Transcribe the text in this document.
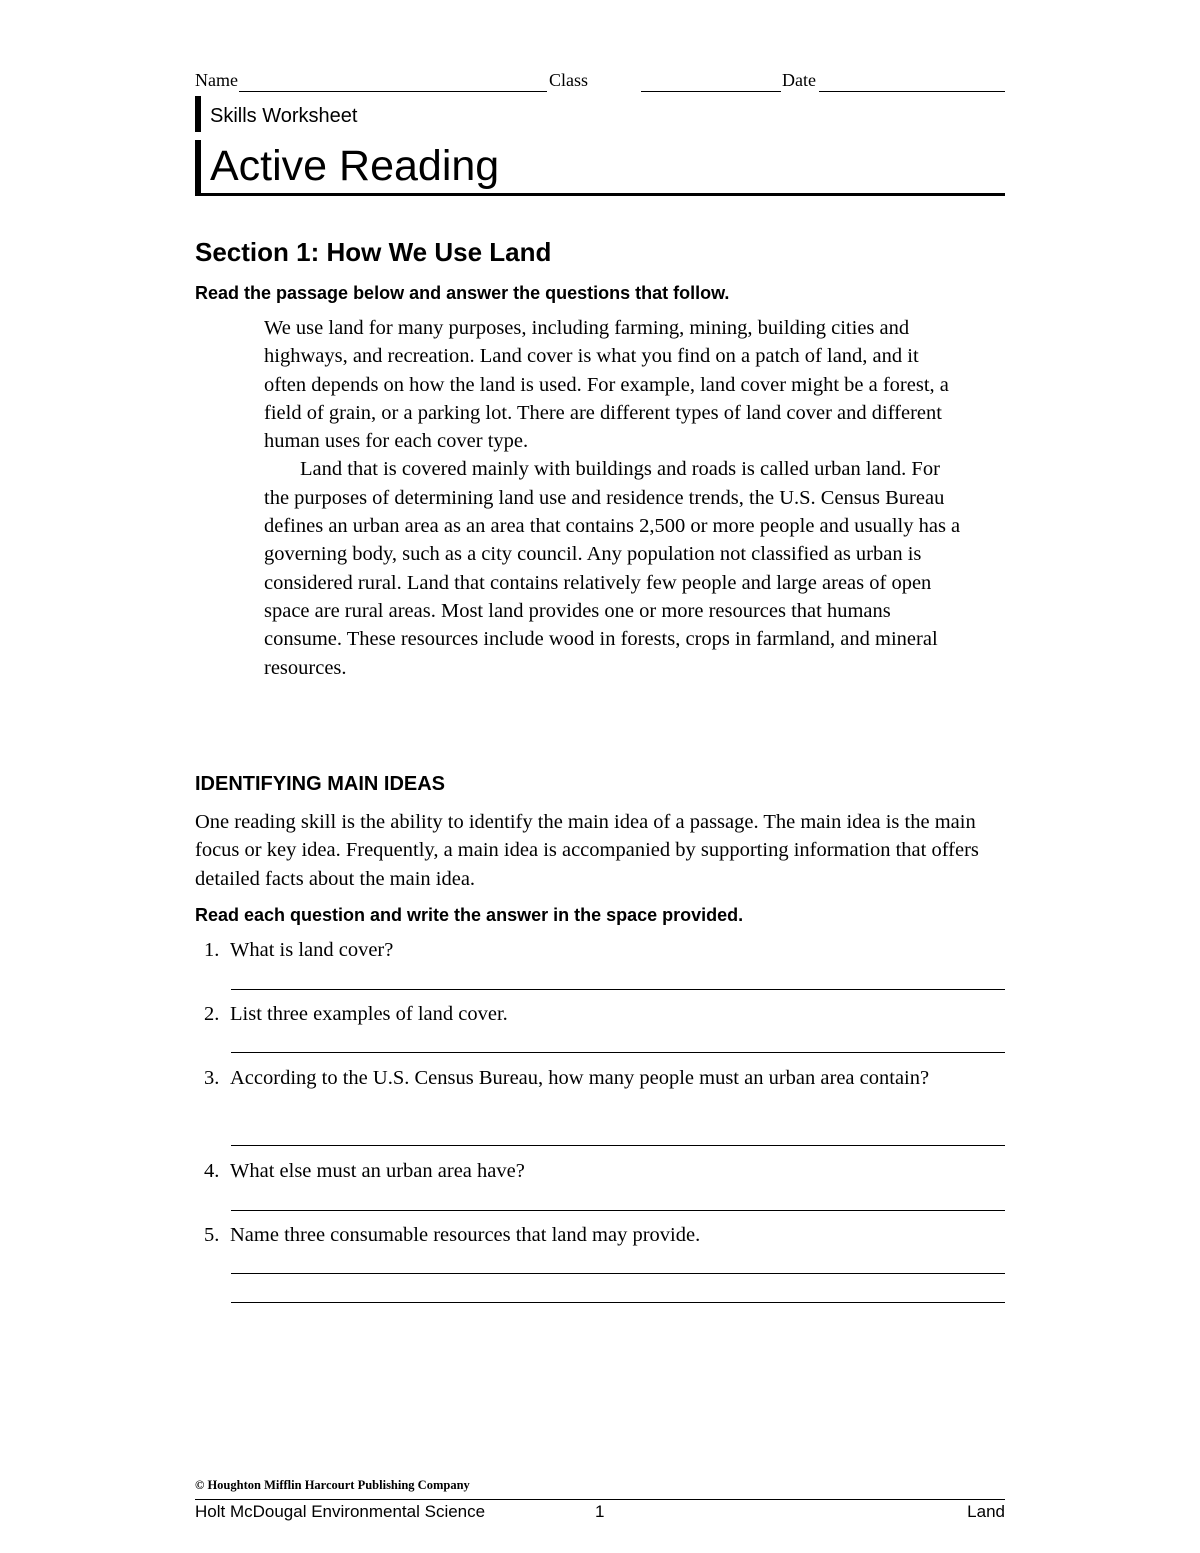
Name	Class	Date
Skills Worksheet
Active Reading
Section 1: How We Use Land
Read the passage below and answer the questions that follow.

We use land for many purposes, including farming, mining, building cities and highways, and recreation. Land cover is what you find on a patch of land, and it often depends on how the land is used. For example, land cover might be a forest, a field of grain, or a parking lot. There are different types of land cover and different human uses for each cover type.

Land that is covered mainly with buildings and roads is called urban land. For the purposes of determining land use and residence trends, the U.S. Census Bureau defines an urban area as an area that contains 2,500 or more people and usually has a governing body, such as a city council. Any population not classified as urban is considered rural. Land that contains relatively few people and large areas of open space are rural areas. Most land provides one or more resources that humans consume. These resources include wood in forests, crops in farmland, and mineral resources.

IDENTIFYING MAIN IDEAS
One reading skill is the ability to identify the main idea of a passage. The main idea is the main focus or key idea. Frequently, a main idea is accompanied by supporting information that offers detailed facts about the main idea.
Read each question and write the answer in the space provided.
1. What is land cover?
2. List three examples of land cover.
3. According to the U.S. Census Bureau, how many people must an urban area contain?
4. What else must an urban area have?
5. Name three consumable resources that land may provide.
© Houghton Mifflin Harcourt Publishing Company
Holt McDougal Environmental Science	1	Land
